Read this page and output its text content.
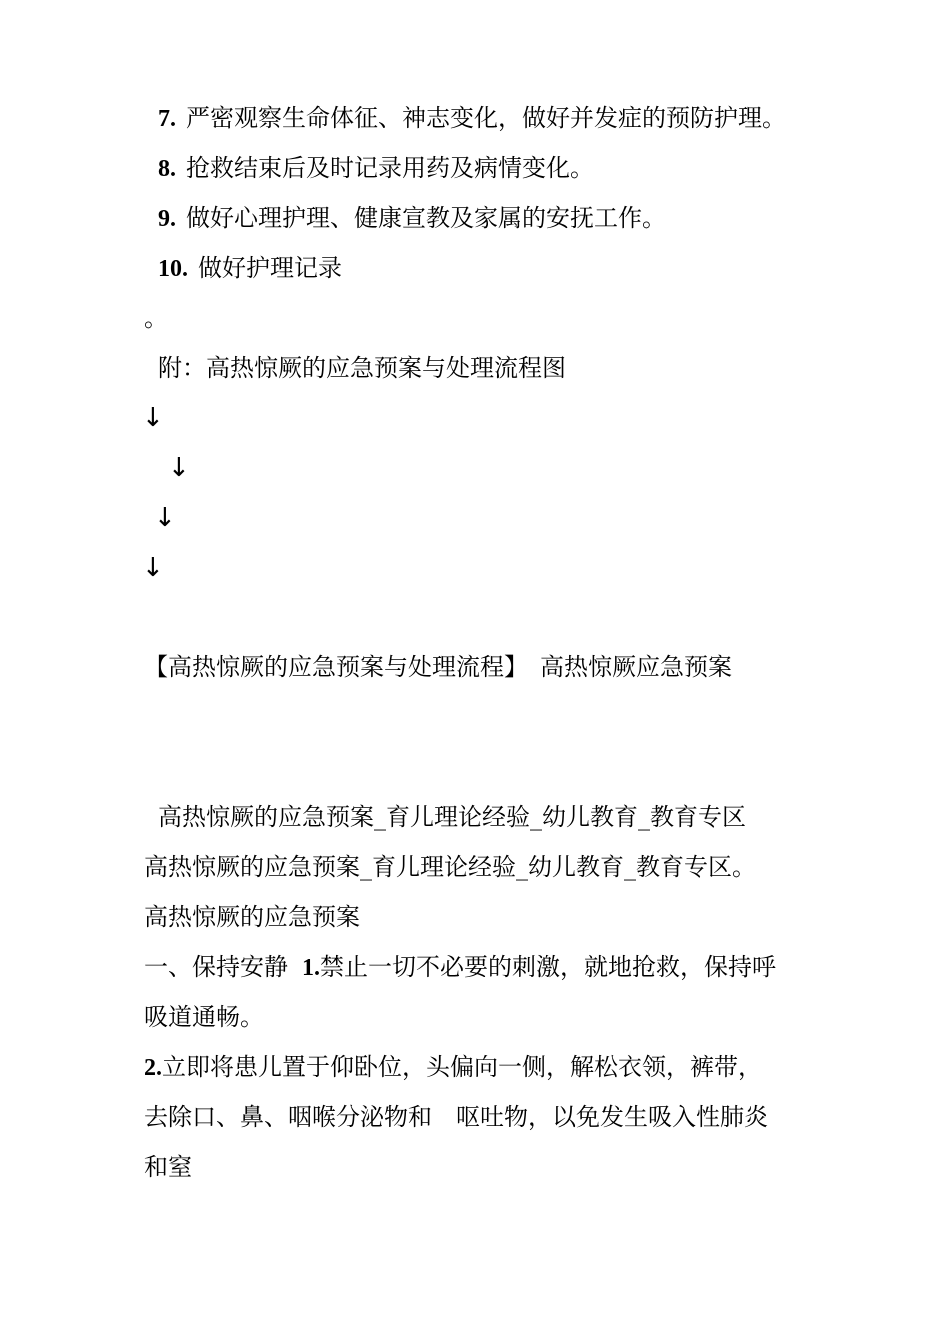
7. 严密观察生命体征、神志变化，做好并发症的预防护理。
8. 抢救结束后及时记录用药及病情变化。
9. 做好心理护理、健康宣教及家属的安抚工作。
10. 做好护理记录
。
附：高热惊厥的应急预案与处理流程图
↓
↓
↓
↓
【高热惊厥的应急预案与处理流程】　高热惊厥应急预案
高热惊厥的应急预案_育儿理论经验_幼儿教育_教育专区
高热惊厥的应急预案_育儿理论经验_幼儿教育_教育专区。
高热惊厥的应急预案
一、保持安静 1.禁止一切不必要的刺激，就地抢救，保持呼
吸道通畅。
2.立即将患儿置于仰卧位，头偏向一侧，解松衣领，裤带，
去除口、鼻、咽喉分泌物和　呕吐物，以免发生吸入性肺炎
和窒
